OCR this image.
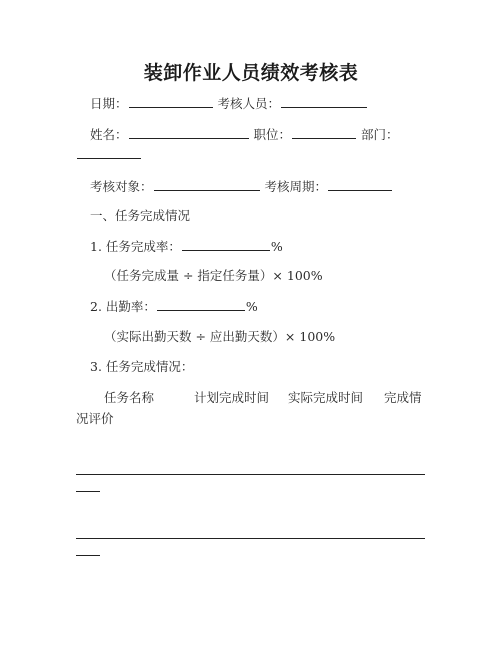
装卸作业人员绩效考核表
日期：	考核人员：
姓名：	职位：	部门：
考核对象：	考核周期：
一、任务完成情况
1. 任务完成率：	%
（任务完成量 ÷ 指定任务量）× 100%
2. 出勤率：	%
（实际出勤天数 ÷ 应出勤天数）× 100%
3. 任务完成情况：
任务名称	计划完成时间 实际完成时间 完成情
况评价
